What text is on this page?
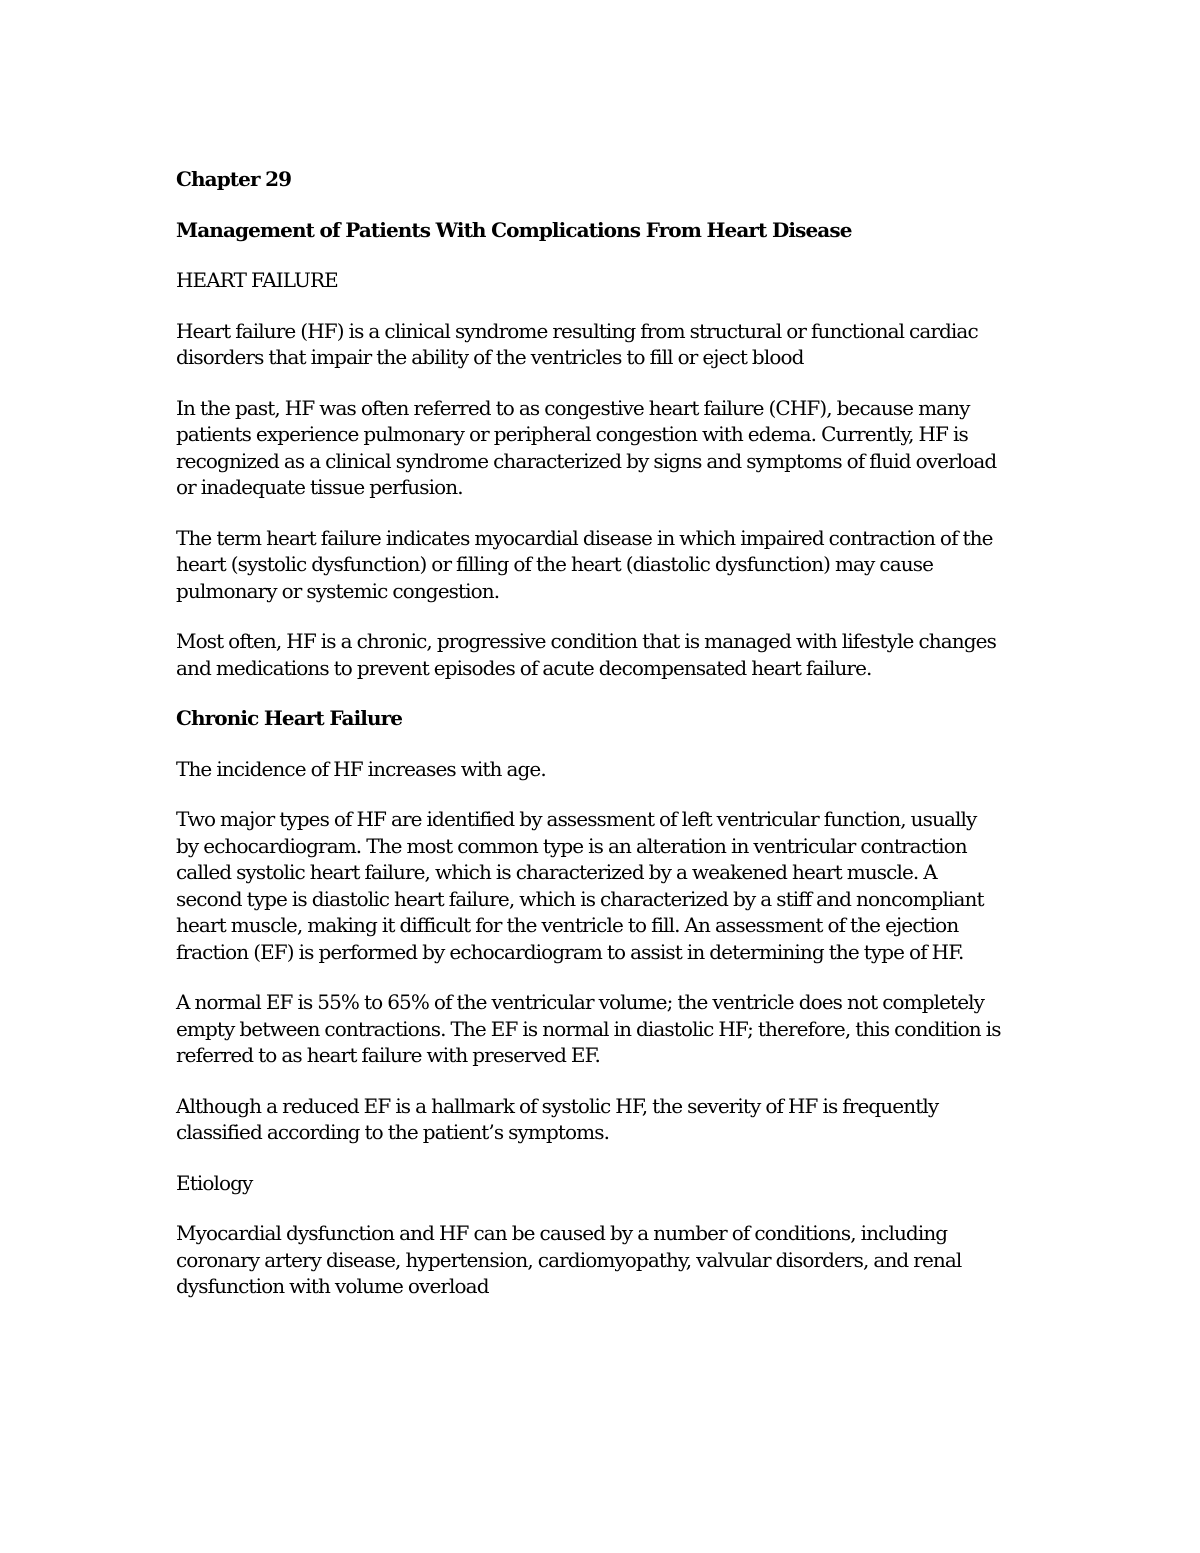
Chapter 29

Management of Patients With Complications From Heart Disease

HEART FAILURE

Heart failure (HF) is a clinical syndrome resulting from structural or functional cardiac
disorders that impair the ability of the ventricles to fill or eject blood

In the past, HF was often referred to as congestive heart failure (CHF), because many
patients experience pulmonary or peripheral congestion with edema. Currently, HF is
recognized as a clinical syndrome characterized by signs and symptoms of fluid overload
or inadequate tissue perfusion.

The term heart failure indicates myocardial disease in which impaired contraction of the
heart (systolic dysfunction) or filling of the heart (diastolic dysfunction) may cause
pulmonary or systemic congestion.

Most often, HF is a chronic, progressive condition that is managed with lifestyle changes
and medications to prevent episodes of acute decompensated heart failure.

Chronic Heart Failure

The incidence of HF increases with age.

Two major types of HF are identified by assessment of left ventricular function, usually
by echocardiogram. The most common type is an alteration in ventricular contraction
called systolic heart failure, which is characterized by a weakened heart muscle. A
second type is diastolic heart failure, which is characterized by a stiff and noncompliant
heart muscle, making it difficult for the ventricle to fill. An assessment of the ejection
fraction (EF) is performed by echocardiogram to assist in determining the type of HF.

A normal EF is 55% to 65% of the ventricular volume; the ventricle does not completely
empty between contractions. The EF is normal in diastolic HF; therefore, this condition is
referred to as heart failure with preserved EF.

Although a reduced EF is a hallmark of systolic HF, the severity of HF is frequently
classified according to the patient’s symptoms.

Etiology

Myocardial dysfunction and HF can be caused by a number of conditions, including
coronary artery disease, hypertension, cardiomyopathy, valvular disorders, and renal
dysfunction with volume overload
